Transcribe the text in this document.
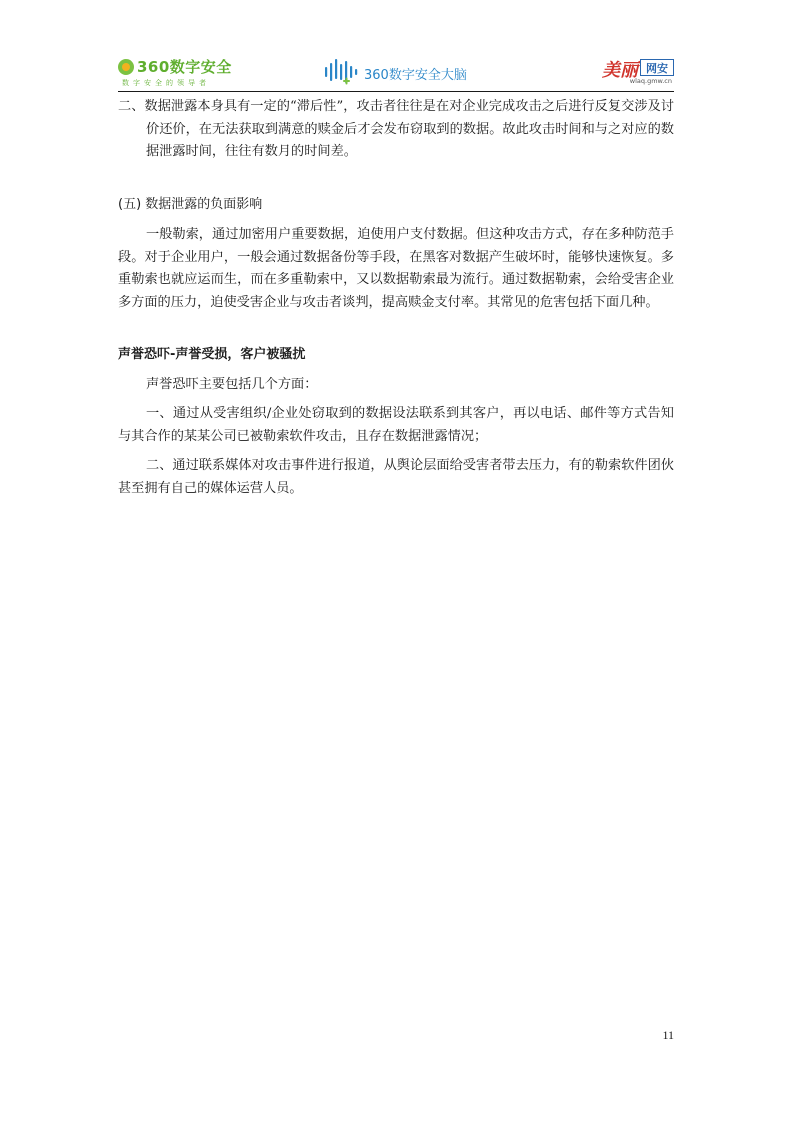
360数字安全
数字安全的领导者	360数字安全大脑	美丽 网安
wlaq.gmw.cn

二、数据泄露本身具有一定的“滞后性”，攻击者往往是在对企业完成攻击之后进行反复交涉及讨价还价，在无法获取到满意的赎金后才会发布窃取到的数据。故此攻击时间和与之对应的数据泄露时间，往往有数月的时间差。

(五) 数据泄露的负面影响

一般勒索，通过加密用户重要数据，迫使用户支付数据。但这种攻击方式，存在多种防范手段。对于企业用户，一般会通过数据备份等手段，在黑客对数据产生破坏时，能够快速恢复。多重勒索也就应运而生，而在多重勒索中，又以数据勒索最为流行。通过数据勒索，会给受害企业多方面的压力，迫使受害企业与攻击者谈判，提高赎金支付率。其常见的危害包括下面几种。

声誉恐吓-声誉受损，客户被骚扰

声誉恐吓主要包括几个方面：

一、通过从受害组织/企业处窃取到的数据设法联系到其客户，再以电话、邮件等方式告知与其合作的某某公司已被勒索软件攻击，且存在数据泄露情况；

二、通过联系媒体对攻击事件进行报道，从舆论层面给受害者带去压力，有的勒索软件团伙甚至拥有自己的媒体运营人员。

11
